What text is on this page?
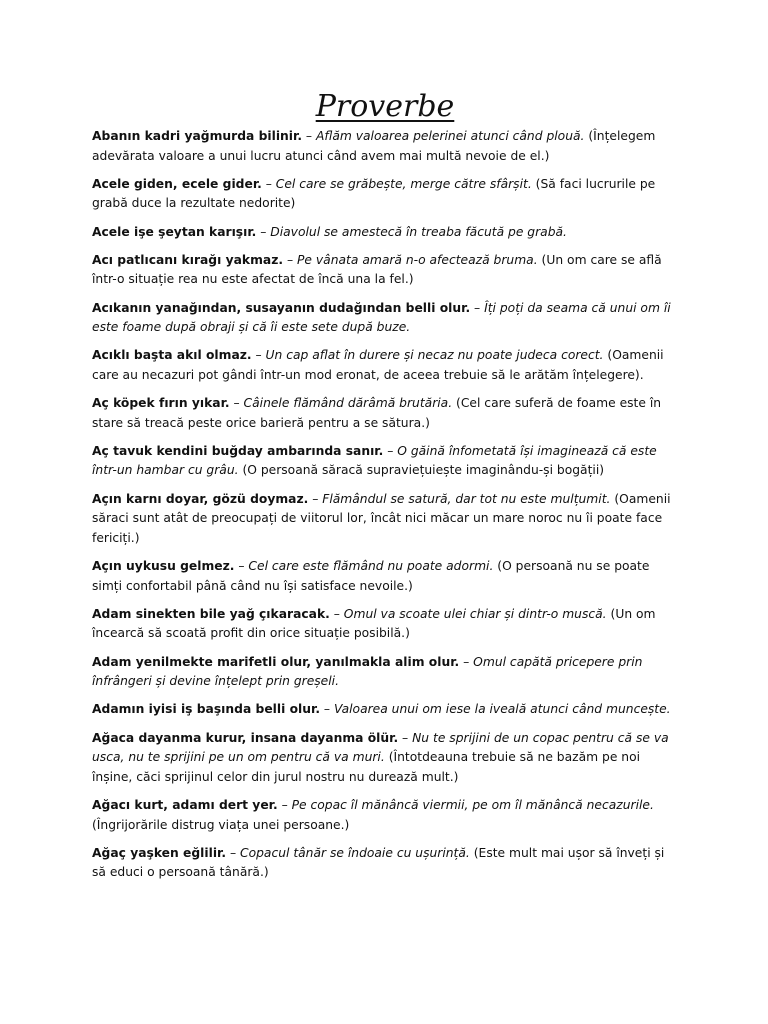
Proverbe

Abanın kadri yağmurda bilinir. – Aflăm valoarea pelerinei atunci când plouă. (Înțelegem adevărata valoare a unui lucru atunci când avem mai multă nevoie de el.)

Acele giden, ecele gider. – Cel care se grăbește, merge către sfârșit. (Să faci lucrurile pe grabă duce la rezultate nedorite)

Acele işe şeytan karışır. – Diavolul se amestecă în treaba făcută pe grabă.

Acı patlıcanı kırağı yakmaz. – Pe vânata amară n-o afectează bruma. (Un om care se află într-o situație rea nu este afectat de încă una la fel.)

Acıkanın yanağından, susayanın dudağından belli olur. – Îți poți da seama că unui om îi este foame după obraji și că îi este sete după buze.

Acıklı başta akıl olmaz. – Un cap aflat în durere și necaz nu poate judeca corect. (Oamenii care au necazuri pot gândi într-un mod eronat, de aceea trebuie să le arătăm înțelegere).

Aç köpek fırın yıkar. – Câinele flămând dărâmă brutăria. (Cel care suferă de foame este în stare să treacă peste orice barieră pentru a se sătura.)

Aç tavuk kendini buğday ambarında sanır. – O găină înfometată își imaginează că este într-un hambar cu grâu. (O persoană săracă supraviețuiește imaginându-și bogății)

Açın karnı doyar, gözü doymaz. – Flămândul se satură, dar tot nu este mulțumit. (Oamenii săraci sunt atât de preocupați de viitorul lor, încât nici măcar un mare noroc nu îi poate face fericiți.)

Açın uykusu gelmez. – Cel care este flămând nu poate adormi. (O persoană nu se poate simți confortabil până când nu își satisface nevoile.)

Adam sinekten bile yağ çıkaracak. – Omul va scoate ulei chiar și dintr-o muscă. (Un om încearcă să scoată profit din orice situație posibilă.)

Adam yenilmekte marifetli olur, yanılmakla alim olur. – Omul capătă pricepere prin înfrângeri și devine înțelept prin greșeli.

Adamın iyisi iş başında belli olur. – Valoarea unui om iese la iveală atunci când muncește.

Ağaca dayanma kurur, insana dayanma ölür. – Nu te sprijini de un copac pentru că se va usca, nu te sprijini pe un om pentru că va muri. (Întotdeauna trebuie să ne bazăm pe noi înșine, căci sprijinul celor din jurul nostru nu durează mult.)

Ağacı kurt, adamı dert yer. – Pe copac îl mănâncă viermii, pe om îl mănâncă necazurile. (Îngrijorările distrug viața unei persoane.)

Ağaç yaşken eğlilir. – Copacul tânăr se îndoaie cu ușurință. (Este mult mai ușor să înveți și să educi o persoană tânără.)
